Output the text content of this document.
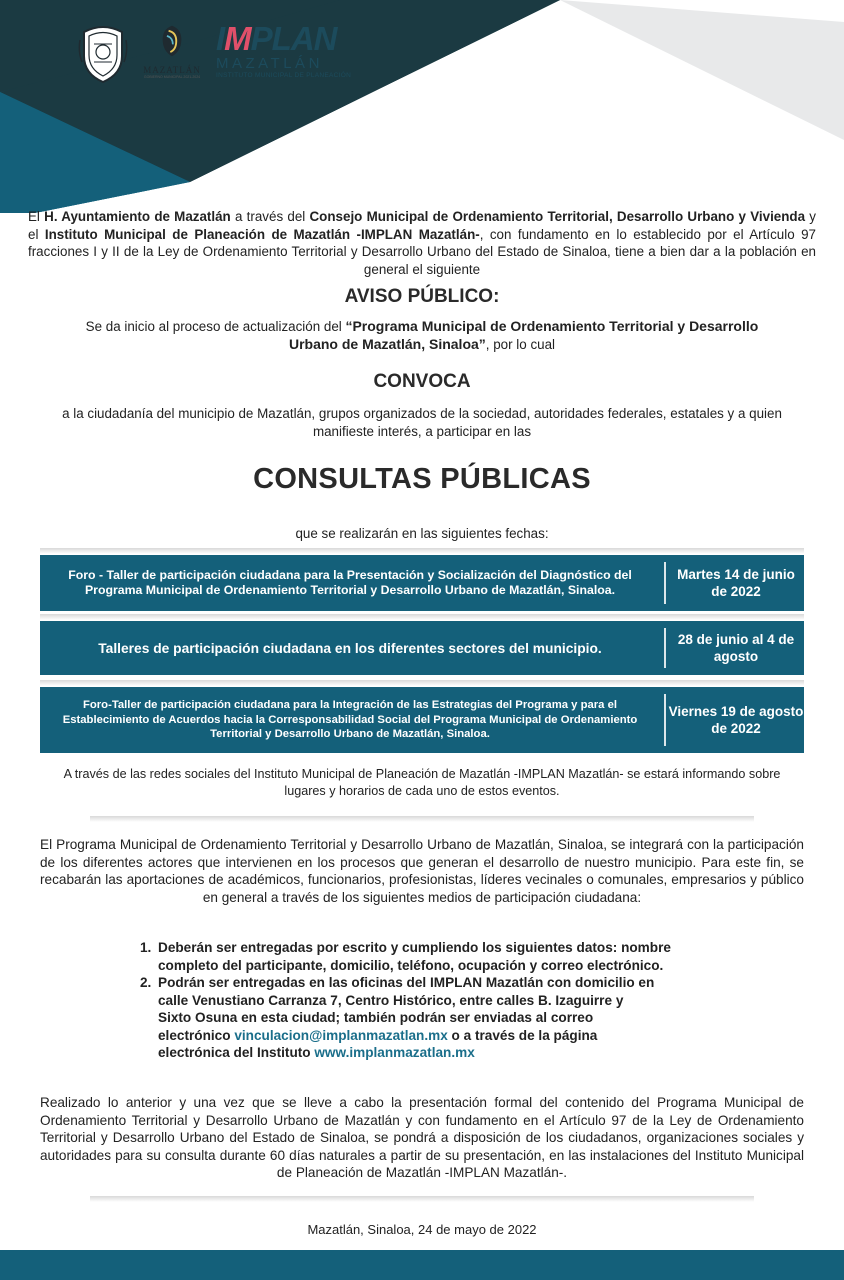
MAZATLÁN
GOBIERNO MUNICIPAL 2021-2024
IMPLAN
MAZATLÁN
INSTITUTO MUNICIPAL DE PLANEACIÓN
El H. Ayuntamiento de Mazatlán a través del Consejo Municipal de Ordenamiento Territorial, Desarrollo Urbano y Vivienda y el Instituto Municipal de Planeación de Mazatlán -IMPLAN Mazatlán-, con fundamento en lo establecido por el Artículo 97 fracciones I y II de la Ley de Ordenamiento Territorial y Desarrollo Urbano del Estado de Sinaloa, tiene a bien dar a la población en general el siguiente
AVISO PÚBLICO:
Se da inicio al proceso de actualización del “Programa Municipal de Ordenamiento Territorial y Desarrollo Urbano de Mazatlán, Sinaloa”, por lo cual
CONVOCA
a la ciudadanía del municipio de Mazatlán, grupos organizados de la sociedad, autoridades federales, estatales y a quien manifieste interés, a participar en las
CONSULTAS PÚBLICAS
que se realizarán en las siguientes fechas:
Foro - Taller de participación ciudadana para la Presentación y Socialización del Diagnóstico del Programa Municipal de Ordenamiento Territorial y Desarrollo Urbano de Mazatlán, Sinaloa.
Martes 14 de junio de 2022
Talleres de participación ciudadana en los diferentes sectores del municipio.
28 de junio al 4 de agosto
Foro-Taller de participación ciudadana para la Integración de las Estrategias del Programa y para el Establecimiento de Acuerdos hacia la Corresponsabilidad Social del Programa Municipal de Ordenamiento Territorial y Desarrollo Urbano de Mazatlán, Sinaloa.
Viernes 19 de agosto de 2022
A través de las redes sociales del Instituto Municipal de Planeación de Mazatlán -IMPLAN Mazatlán- se estará informando sobre lugares y horarios de cada uno de estos eventos.
El Programa Municipal de Ordenamiento Territorial y Desarrollo Urbano de Mazatlán, Sinaloa, se integrará con la participación de los diferentes actores que intervienen en los procesos que generan el desarrollo de nuestro municipio. Para este fin, se recabarán las aportaciones de académicos, funcionarios, profesionistas, líderes vecinales o comunales, empresarios y público en general a través de los siguientes medios de participación ciudadana:
1. Deberán ser entregadas por escrito y cumpliendo los siguientes datos: nombre completo del participante, domicilio, teléfono, ocupación y correo electrónico.
2. Podrán ser entregadas en las oficinas del IMPLAN Mazatlán con domicilio en calle Venustiano Carranza 7, Centro Histórico, entre calles B. Izaguirre y Sixto Osuna en esta ciudad; también podrán ser enviadas al correo electrónico vinculacion@implanmazatlan.mx o a través de la página electrónica del Instituto www.implanmazatlan.mx
Realizado lo anterior y una vez que se lleve a cabo la presentación formal del contenido del Programa Municipal de Ordenamiento Territorial y Desarrollo Urbano de Mazatlán y con fundamento en el Artículo 97 de la Ley de Ordenamiento Territorial y Desarrollo Urbano del Estado de Sinaloa, se pondrá a disposición de los ciudadanos, organizaciones sociales y autoridades para su consulta durante 60 días naturales a partir de su presentación, en las instalaciones del Instituto Municipal de Planeación de Mazatlán -IMPLAN Mazatlán-.
Mazatlán, Sinaloa, 24 de mayo de 2022
